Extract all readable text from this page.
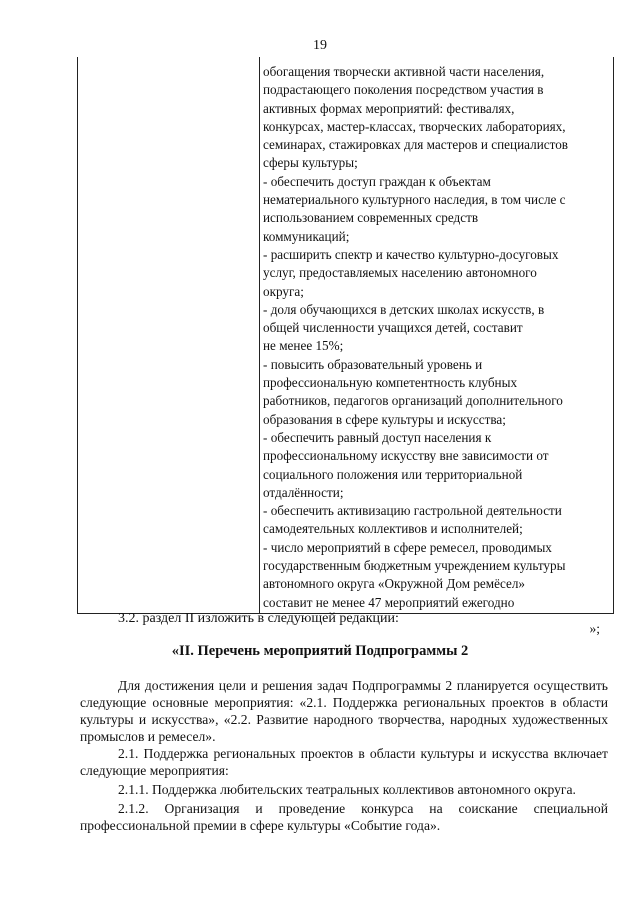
19
обогащения творчески активной части населения,
подрастающего поколения посредством участия в
активных формах мероприятий: фестивалях,
конкурсах, мастер-классах, творческих лабораториях,
семинарах, стажировках для мастеров и специалистов
сферы культуры;
- обеспечить доступ граждан к объектам
нематериального культурного наследия, в том числе с
использованием современных средств
коммуникаций;
- расширить спектр и качество культурно-досуговых
услуг, предоставляемых населению автономного
округа;
- доля обучающихся в детских школах искусств, в
общей численности учащихся детей, составит
не менее 15%;
- повысить образовательный уровень и
профессиональную компетентность клубных
работников, педагогов организаций дополнительного
образования в сфере культуры и искусства;
- обеспечить равный доступ населения к
профессиональному искусству вне зависимости от
социального положения или территориальной
отдалённости;
- обеспечить активизацию гастрольной деятельности
самодеятельных коллективов и исполнителей;
- число мероприятий в сфере ремесел, проводимых
государственным бюджетным учреждением культуры
автономного округа «Окружной Дом ремёсел»
составит не менее 47 мероприятий ежегодно
3.2. раздел II изложить в следующей редакции:
»;
«II. Перечень мероприятий Подпрограммы 2

Для достижения цели и решения задач Подпрограммы 2 планируется осуществить следующие основные мероприятия: «2.1. Поддержка региональных проектов в области культуры и искусства», «2.2. Развитие народного творчества, народных художественных промыслов и ремесел».

2.1. Поддержка региональных проектов в области культуры и искусства включает следующие мероприятия:

2.1.1. Поддержка любительских театральных коллективов автономного округа.

2.1.2. Организация и проведение конкурса на соискание специальной профессиональной премии в сфере культуры «Событие года».
